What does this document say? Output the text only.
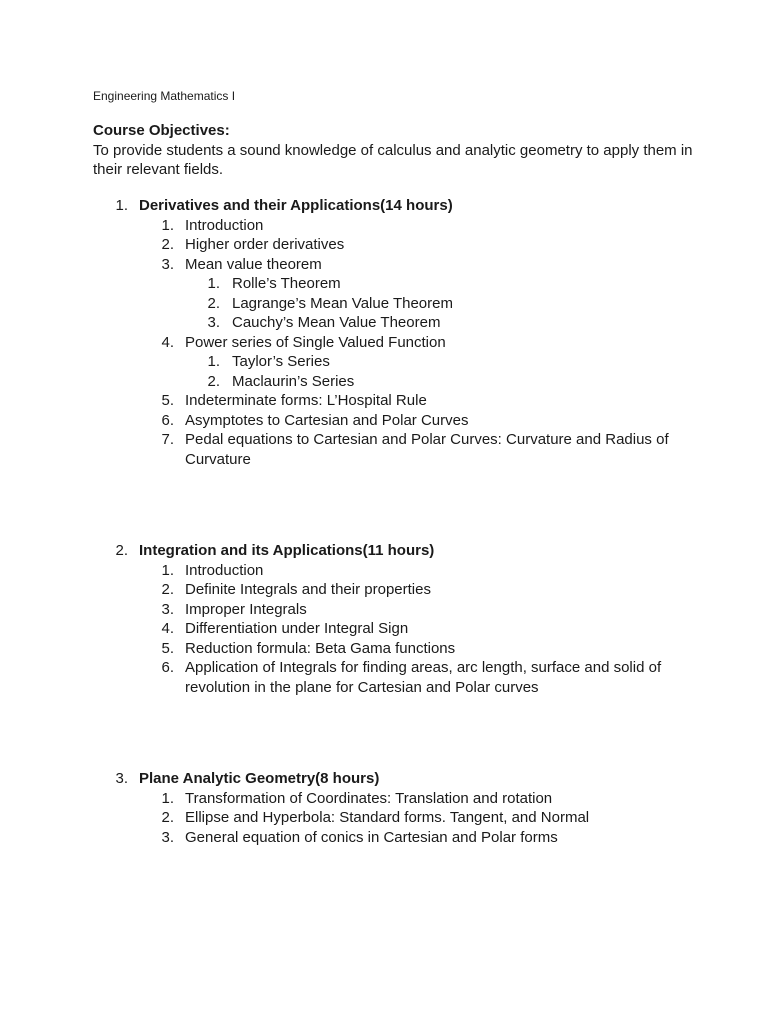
Engineering Mathematics I
Course Objectives:
To provide students a sound knowledge of calculus and analytic geometry to apply them in their relevant fields.
1. Derivatives and their Applications(14 hours)
1. Introduction
2. Higher order derivatives
3. Mean value theorem
1. Rolle’s Theorem
2. Lagrange’s Mean Value Theorem
3. Cauchy’s Mean Value Theorem
4. Power series of Single Valued Function
1. Taylor’s Series
2. Maclaurin’s Series
5. Indeterminate forms: L’Hospital Rule
6. Asymptotes to Cartesian and Polar Curves
7. Pedal equations to Cartesian and Polar Curves: Curvature and Radius of Curvature
2. Integration and its Applications(11 hours)
1. Introduction
2. Definite Integrals and their properties
3. Improper Integrals
4. Differentiation under Integral Sign
5. Reduction formula: Beta Gama functions
6. Application of Integrals for finding areas, arc length, surface and solid of revolution in the plane for Cartesian and Polar curves
3. Plane Analytic Geometry(8 hours)
1. Transformation of Coordinates: Translation and rotation
2. Ellipse and Hyperbola: Standard forms. Tangent, and Normal
3. General equation of conics in Cartesian and Polar forms
